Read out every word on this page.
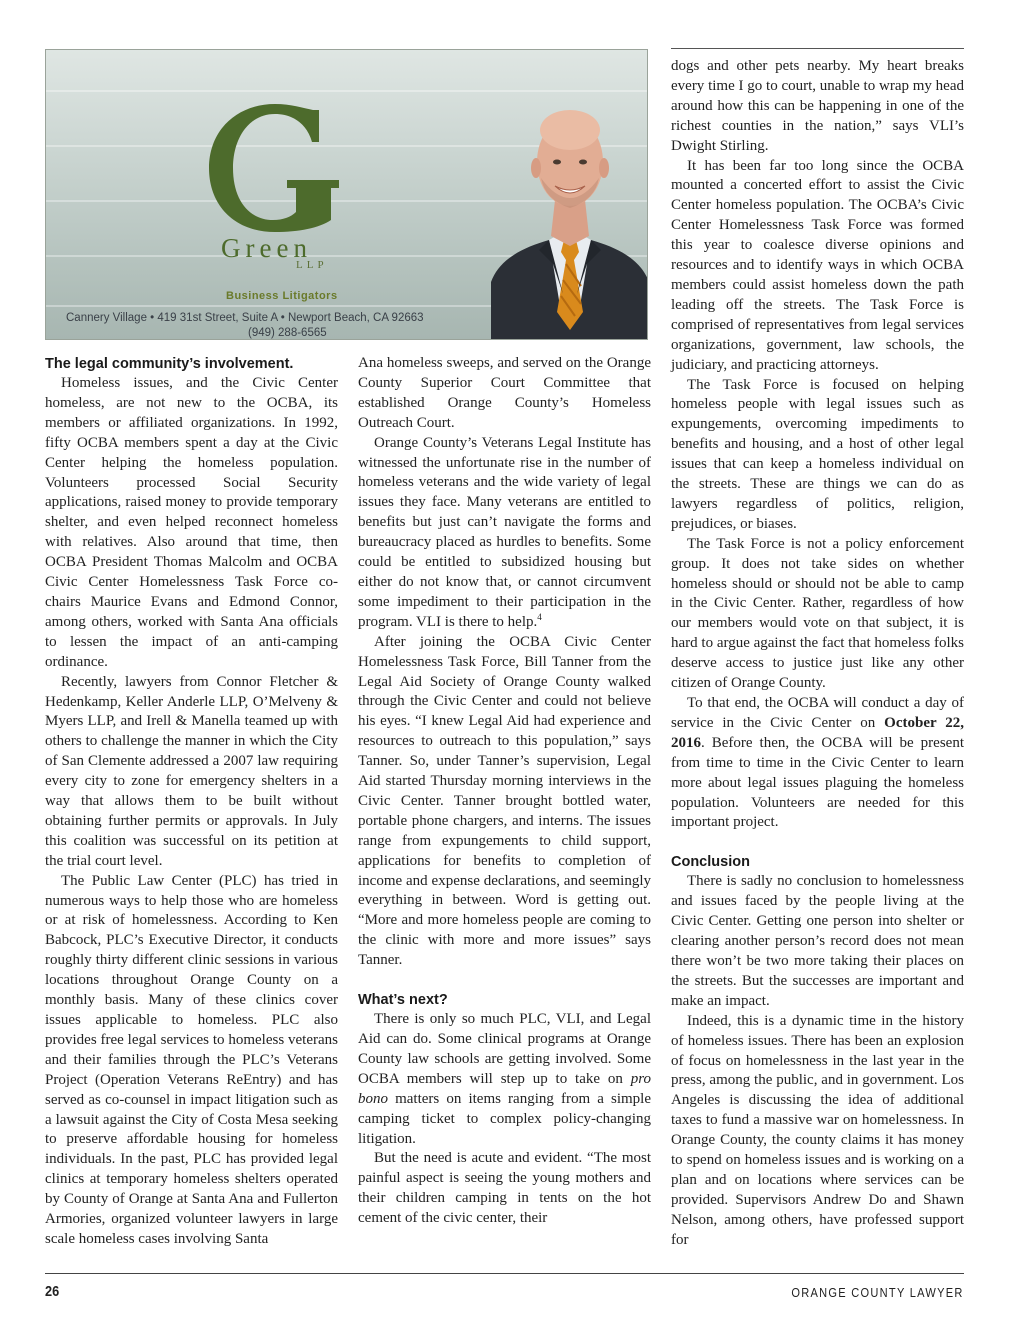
Green
LLP
Business Litigators
Cannery Village • 419 31st Street, Suite A • Newport Beach, CA 92663
(949) 288-6565
The legal community’s involvement.

Homeless issues, and the Civic Center homeless, are not new to the OCBA, its members or affiliated organizations. In 1992, fifty OCBA members spent a day at the Civic Center helping the homeless population. Volunteers processed Social Security applications, raised money to provide temporary shelter, and even helped reconnect homeless with relatives. Also around that time, then OCBA President Thomas Malcolm and OCBA Civic Center Homelessness Task Force co-chairs Maurice Evans and Edmond Connor, among others, worked with Santa Ana officials to lessen the impact of an anti-camping ordinance.

Recently, lawyers from Connor Fletcher & Hedenkamp, Keller Anderle LLP, O’Melveny & Myers LLP, and Irell & Manella teamed up with others to challenge the manner in which the City of San Clemente addressed a 2007 law requiring every city to zone for emergency shelters in a way that allows them to be built without obtaining further permits or approvals. In July this coalition was successful on its petition at the trial court level.

The Public Law Center (PLC) has tried in numerous ways to help those who are homeless or at risk of homelessness. According to Ken Babcock, PLC’s Executive Director, it conducts roughly thirty different clinic sessions in various locations throughout Orange County on a monthly basis. Many of these clinics cover issues applicable to homeless. PLC also provides free legal services to homeless veterans and their families through the PLC’s Veterans Project (Operation Veterans ReEntry) and has served as co-counsel in impact litigation such as a lawsuit against the City of Costa Mesa seeking to preserve affordable housing for homeless individuals. In the past, PLC has provided legal clinics at temporary homeless shelters operated by County of Orange at Santa Ana and Fullerton Armories, organized volunteer lawyers in large scale homeless cases involving Santa

Ana homeless sweeps, and served on the Orange County Superior Court Committee that established Orange County’s Homeless Outreach Court.

Orange County’s Veterans Legal Institute has witnessed the unfortunate rise in the number of homeless veterans and the wide variety of legal issues they face. Many veterans are entitled to benefits but just can’t navigate the forms and bureaucracy placed as hurdles to benefits. Some could be entitled to subsidized housing but either do not know that, or cannot circumvent some impediment to their participation in the program. VLI is there to help.$^4$

After joining the OCBA Civic Center Homelessness Task Force, Bill Tanner from the Legal Aid Society of Orange County walked through the Civic Center and could not believe his eyes. “I knew Legal Aid had experience and resources to outreach to this population,” says Tanner. So, under Tanner’s supervision, Legal Aid started Thursday morning interviews in the Civic Center. Tanner brought bottled water, portable phone chargers, and interns. The issues range from expungements to child support, applications for benefits to completion of income and expense declarations, and seemingly everything in between. Word is getting out. “More and more homeless people are coming to the clinic with more and more issues” says Tanner.

What’s next?

There is only so much PLC, VLI, and Legal Aid can do. Some clinical programs at Orange County law schools are getting involved. Some OCBA members will step up to take on pro bono matters on items ranging from a simple camping ticket to complex policy-changing litigation.

But the need is acute and evident. “The most painful aspect is seeing the young mothers and their children camping in tents on the hot cement of the civic center, their

dogs and other pets nearby. My heart breaks every time I go to court, unable to wrap my head around how this can be happening in one of the richest counties in the nation,” says VLI’s Dwight Stirling.

It has been far too long since the OCBA mounted a concerted effort to assist the Civic Center homeless population. The OCBA’s Civic Center Homelessness Task Force was formed this year to coalesce diverse opinions and resources and to identify ways in which OCBA members could assist homeless down the path leading off the streets. The Task Force is comprised of representatives from legal services organizations, government, law schools, the judiciary, and practicing attorneys.

The Task Force is focused on helping homeless people with legal issues such as expungements, overcoming impediments to benefits and housing, and a host of other legal issues that can keep a homeless individual on the streets. These are things we can do as lawyers regardless of politics, religion, prejudices, or biases.

The Task Force is not a policy enforcement group. It does not take sides on whether homeless should or should not be able to camp in the Civic Center. Rather, regardless of how our members would vote on that subject, it is hard to argue against the fact that homeless folks deserve access to justice just like any other citizen of Orange County.

To that end, the OCBA will conduct a day of service in the Civic Center on October 22, 2016. Before then, the OCBA will be present from time to time in the Civic Center to learn more about legal issues plaguing the homeless population. Volunteers are needed for this important project.

Conclusion

There is sadly no conclusion to homelessness and issues faced by the people living at the Civic Center. Getting one person into shelter or clearing another person’s record does not mean there won’t be two more taking their places on the streets. But the successes are important and make an impact.

Indeed, this is a dynamic time in the history of homeless issues. There has been an explosion of focus on homelessness in the last year in the press, among the public, and in government. Los Angeles is discussing the idea of additional taxes to fund a massive war on homelessness. In Orange County, the county claims it has money to spend on homeless issues and is working on a plan and on locations where services can be provided. Supervisors Andrew Do and Shawn Nelson, among others, have professed support for

26	ORANGE COUNTY LAWYER
